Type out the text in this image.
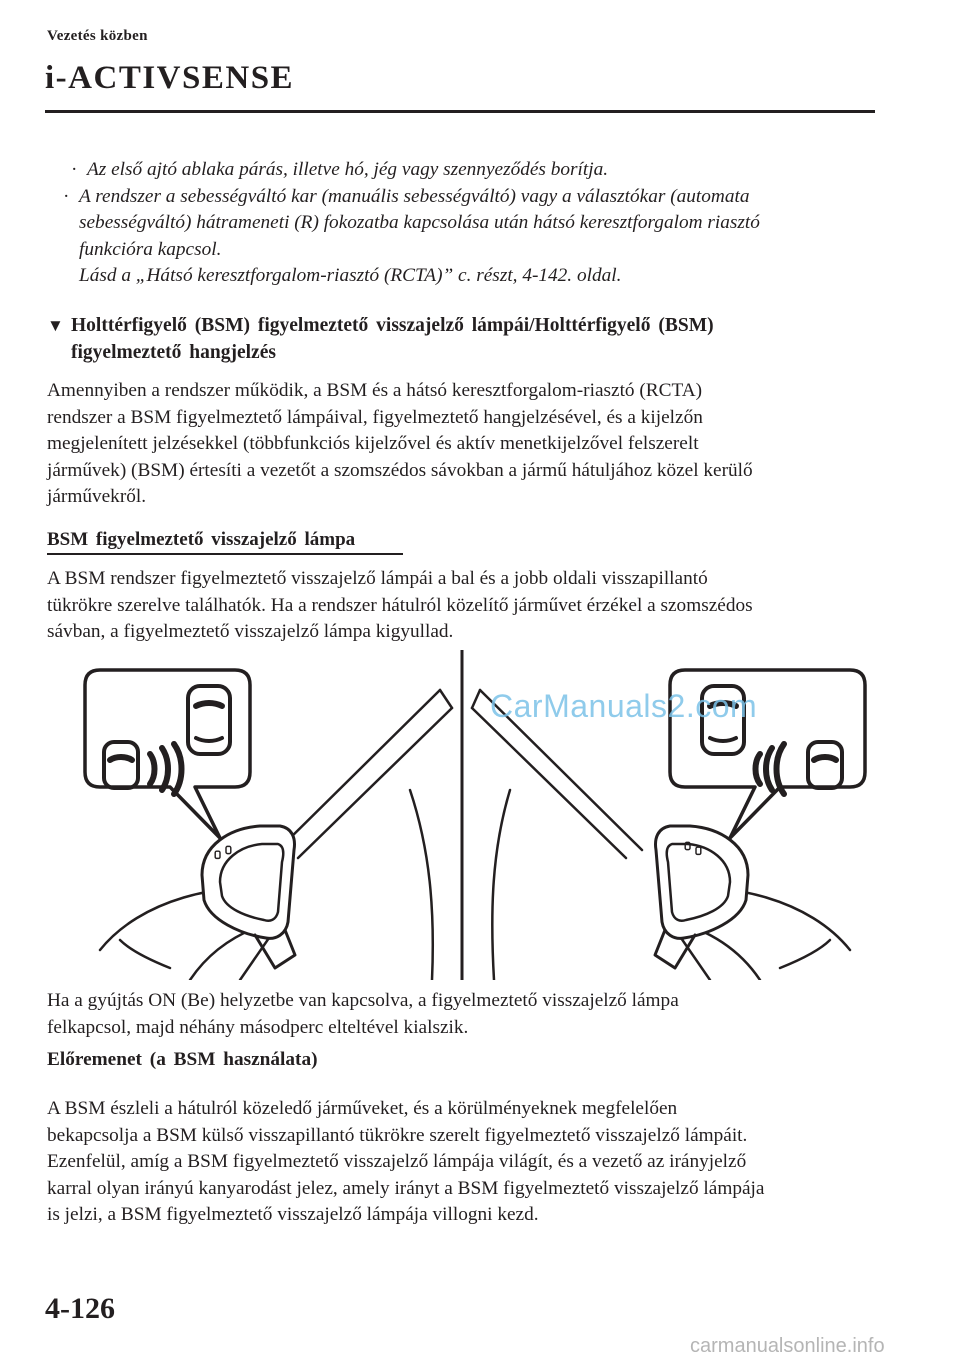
Vezetés közben
i-ACTIVSENSE
· Az első ajtó ablaka párás, illetve hó, jég vagy szennyeződés borítja.
· A rendszer a sebességváltó kar (manuális sebességváltó) vagy a választókar (automata
sebességváltó) hátrameneti (R) fokozatba kapcsolása után hátsó keresztforgalom riasztó
funkcióra kapcsol.
Lásd a „Hátsó keresztforgalom-riasztó (RCTA)” c. részt, 4-142. oldal.
▼ Holttérfigyelő (BSM) figyelmeztető visszajelző lámpái/Holttérfigyelő (BSM)
figyelmeztető hangjelzés
Amennyiben a rendszer működik, a BSM és a hátsó keresztforgalom-riasztó (RCTA)
rendszer a BSM figyelmeztető lámpáival, figyelmeztető hangjelzésével, és a kijelzőn
megjelenített jelzésekkel (többfunkciós kijelzővel és aktív menetkijelzővel felszerelt
járművek) (BSM) értesíti a vezetőt a szomszédos sávokban a jármű hátuljához közel kerülő
járművekről.
BSM figyelmeztető visszajelző lámpa
A BSM rendszer figyelmeztető visszajelző lámpái a bal és a jobb oldali visszapillantó
tükrökre szerelve találhatók. Ha a rendszer hátulról közelítő járművet érzékel a szomszédos
sávban, a figyelmeztető visszajelző lámpa kigyullad.
CarManuals2.com
Ha a gyújtás ON (Be) helyzetbe van kapcsolva, a figyelmeztető visszajelző lámpa
felkapcsol, majd néhány másodperc elteltével kialszik.
Előremenet (a BSM használata)
A BSM észleli a hátulról közeledő járműveket, és a körülményeknek megfelelően
bekapcsolja a BSM külső visszapillantó tükrökre szerelt figyelmeztető visszajelző lámpáit.
Ezenfelül, amíg a BSM figyelmeztető visszajelző lámpája világít, és a vezető az irányjelző
karral olyan irányú kanyarodást jelez, amely irányt a BSM figyelmeztető visszajelző lámpája
is jelzi, a BSM figyelmeztető visszajelző lámpája villogni kezd.
4-126
carmanualsonline.info
